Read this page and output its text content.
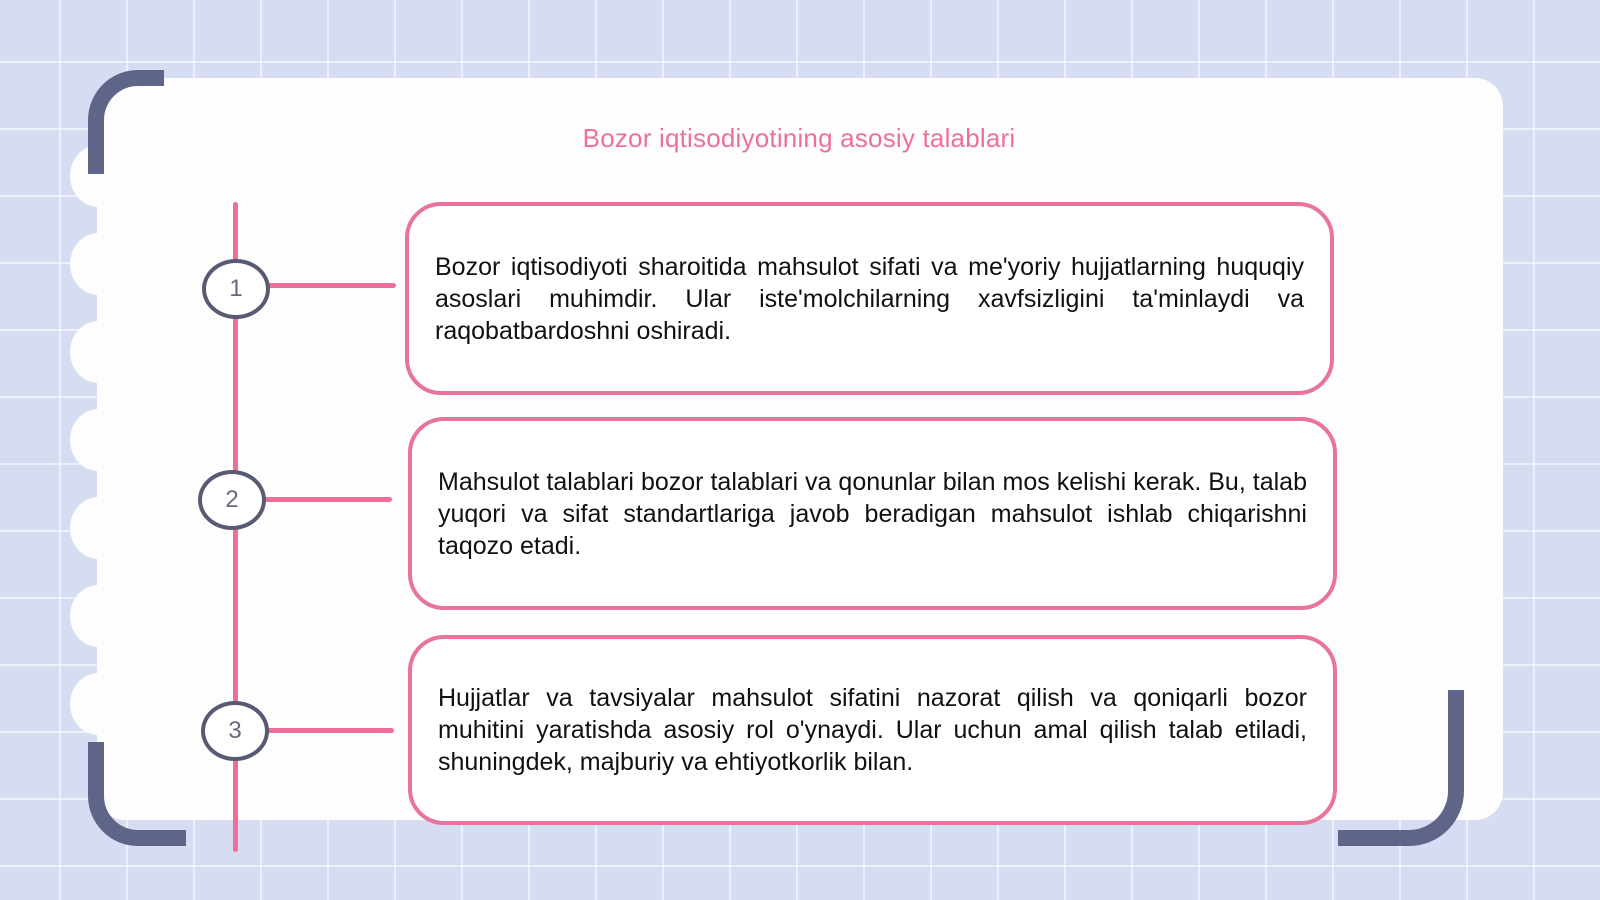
Bozor iqtisodiyotining asosiy talablari
1
2
3

Bozor iqtisodiyoti sharoitida mahsulot sifati va me'yoriy hujjatlarning huquqiy asoslari muhimdir. Ular iste'molchilarning xavfsizligini ta'minlaydi va raqobatbardoshni oshiradi.

Mahsulot talablari bozor talablari va qonunlar bilan mos kelishi kerak. Bu, talab yuqori va sifat standartlariga javob beradigan mahsulot ishlab chiqarishni taqozo etadi.

Hujjatlar va tavsiyalar mahsulot sifatini nazorat qilish va qoniqarli bozor muhitini yaratishda asosiy rol o'ynaydi. Ular uchun amal qilish talab etiladi, shuningdek, majburiy va ehtiyotkorlik bilan.
